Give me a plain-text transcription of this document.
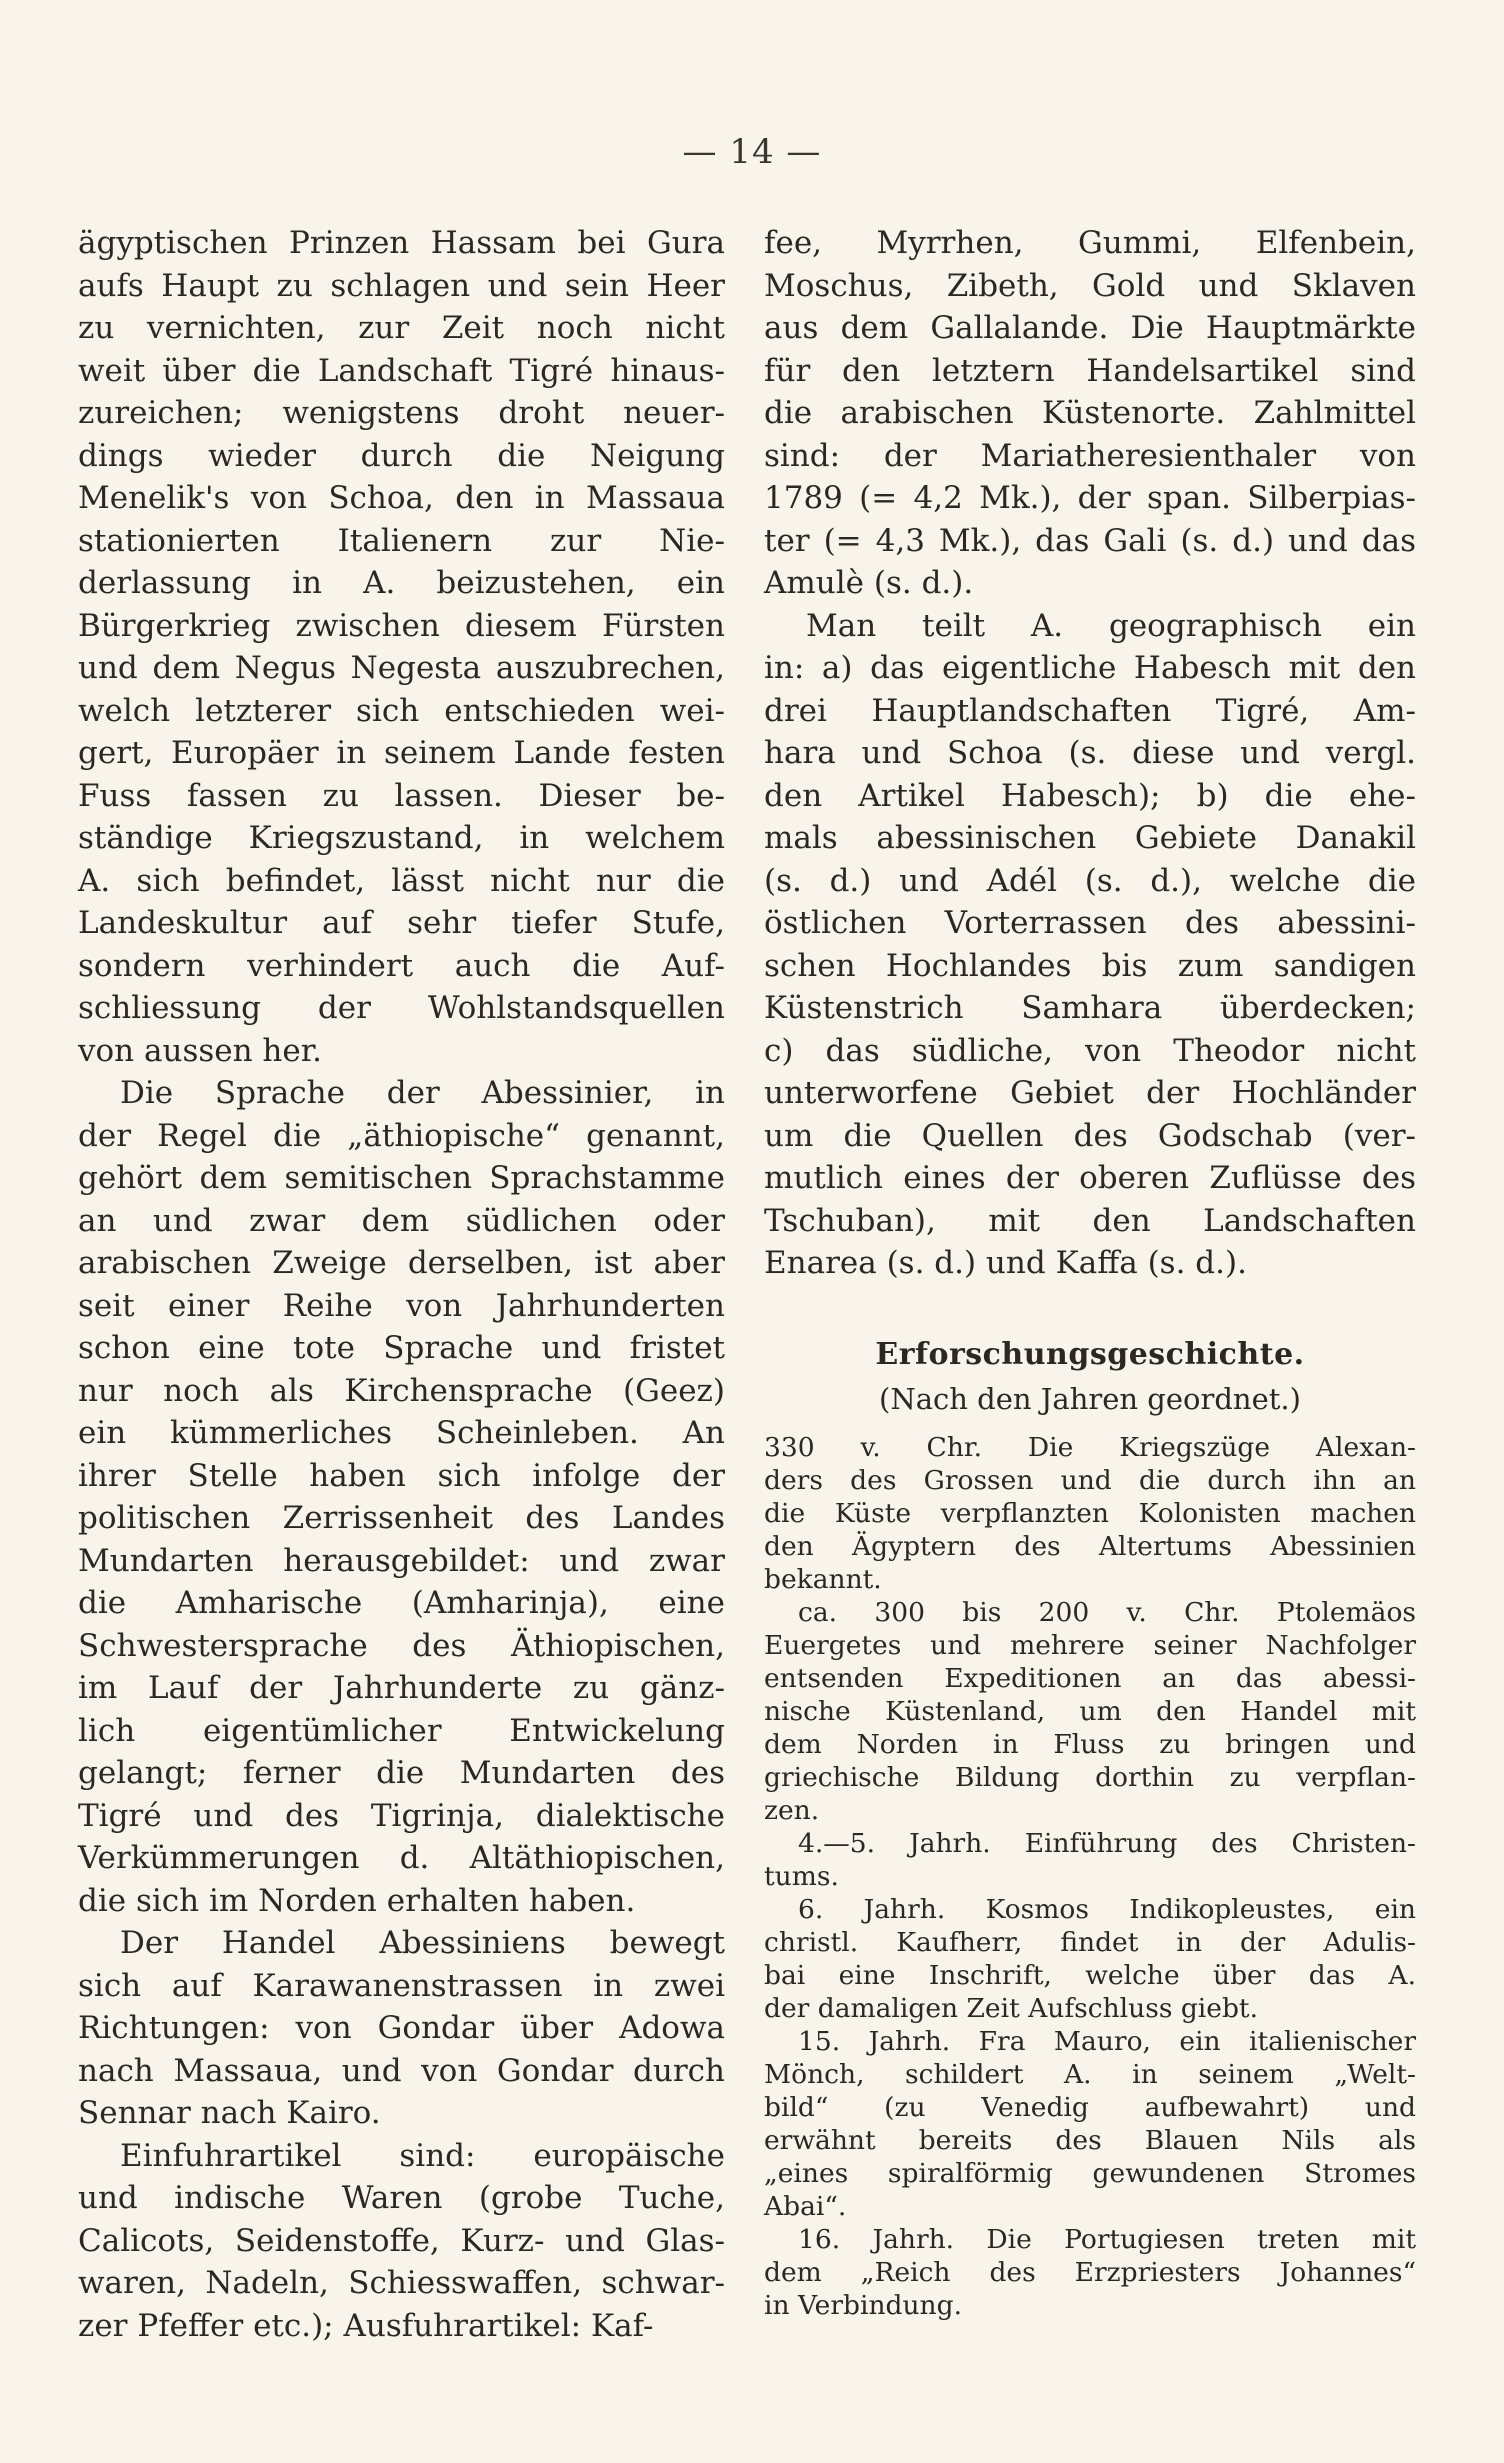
— 14 —
ägyptischen Prinzen Hassam bei Gura
aufs Haupt zu schlagen und sein Heer
zu vernichten, zur Zeit noch nicht
weit über die Landschaft Tigré hinaus-
zureichen; wenigstens droht neuer-
dings wieder durch die Neigung
Menelik's von Schoa, den in Massaua
stationierten Italienern zur Nie-
derlassung in A. beizustehen, ein
Bürgerkrieg zwischen diesem Fürsten
und dem Negus Negesta auszubrechen,
welch letzterer sich entschieden wei-
gert, Europäer in seinem Lande festen
Fuss fassen zu lassen. Dieser be-
ständige Kriegszustand, in welchem
A. sich befindet, lässt nicht nur die
Landeskultur auf sehr tiefer Stufe,
sondern verhindert auch die Auf-
schliessung der Wohlstandsquellen
von aussen her.
Die Sprache der Abessinier, in
der Regel die „äthiopische“ genannt,
gehört dem semitischen Sprachstamme
an und zwar dem südlichen oder
arabischen Zweige derselben, ist aber
seit einer Reihe von Jahrhunderten
schon eine tote Sprache und fristet
nur noch als Kirchensprache (Geez)
ein kümmerliches Scheinleben. An
ihrer Stelle haben sich infolge der
politischen Zerrissenheit des Landes
Mundarten herausgebildet: und zwar
die Amharische (Amharinja), eine
Schwestersprache des Äthiopischen,
im Lauf der Jahrhunderte zu gänz-
lich eigentümlicher Entwickelung
gelangt; ferner die Mundarten des
Tigré und des Tigrinja, dialektische
Verkümmerungen d. Altäthiopischen,
die sich im Norden erhalten haben.
Der Handel Abessiniens bewegt
sich auf Karawanenstrassen in zwei
Richtungen: von Gondar über Adowa
nach Massaua, und von Gondar durch
Sennar nach Kairo.
Einfuhrartikel sind: europäische
und indische Waren (grobe Tuche,
Calicots, Seidenstoffe, Kurz- und Glas-
waren, Nadeln, Schiesswaffen, schwar-
zer Pfeffer etc.); Ausfuhrartikel: Kaf-
fee, Myrrhen, Gummi, Elfenbein,
Moschus, Zibeth, Gold und Sklaven
aus dem Gallalande. Die Hauptmärkte
für den letztern Handelsartikel sind
die arabischen Küstenorte. Zahlmittel
sind: der Mariatheresienthaler von
1789 (= 4,2 Mk.), der span. Silberpias-
ter (= 4,3 Mk.), das Gali (s. d.) und das
Amulè (s. d.).
Man teilt A. geographisch ein
in: a) das eigentliche Habesch mit den
drei Hauptlandschaften Tigré, Am-
hara und Schoa (s. diese und vergl.
den Artikel Habesch); b) die ehe-
mals abessinischen Gebiete Danakil
(s. d.) und Adél (s. d.), welche die
östlichen Vorterrassen des abessini-
schen Hochlandes bis zum sandigen
Küstenstrich Samhara überdecken;
c) das südliche, von Theodor nicht
unterworfene Gebiet der Hochländer
um die Quellen des Godschab (ver-
mutlich eines der oberen Zuflüsse des
Tschuban), mit den Landschaften
Enarea (s. d.) und Kaffa (s. d.).
Erforschungsgeschichte.
(Nach den Jahren geordnet.)
330 v. Chr. Die Kriegszüge Alexan-
ders des Grossen und die durch ihn an
die Küste verpflanzten Kolonisten machen
den Ägyptern des Altertums Abessinien
bekannt.
ca. 300 bis 200 v. Chr. Ptolemäos
Euergetes und mehrere seiner Nachfolger
entsenden Expeditionen an das abessi-
nische Küstenland, um den Handel mit
dem Norden in Fluss zu bringen und
griechische Bildung dorthin zu verpflan-
zen.
4.—5. Jahrh. Einführung des Christen-
tums.
6. Jahrh. Kosmos Indikopleustes, ein
christl. Kaufherr, findet in der Adulis-
bai eine Inschrift, welche über das A.
der damaligen Zeit Aufschluss giebt.
15. Jahrh. Fra Mauro, ein italienischer
Mönch, schildert A. in seinem „Welt-
bild“ (zu Venedig aufbewahrt) und
erwähnt bereits des Blauen Nils als
„eines spiralförmig gewundenen Stromes
Abai“.
16. Jahrh. Die Portugiesen treten mit
dem „Reich des Erzpriesters Johannes“
in Verbindung.
